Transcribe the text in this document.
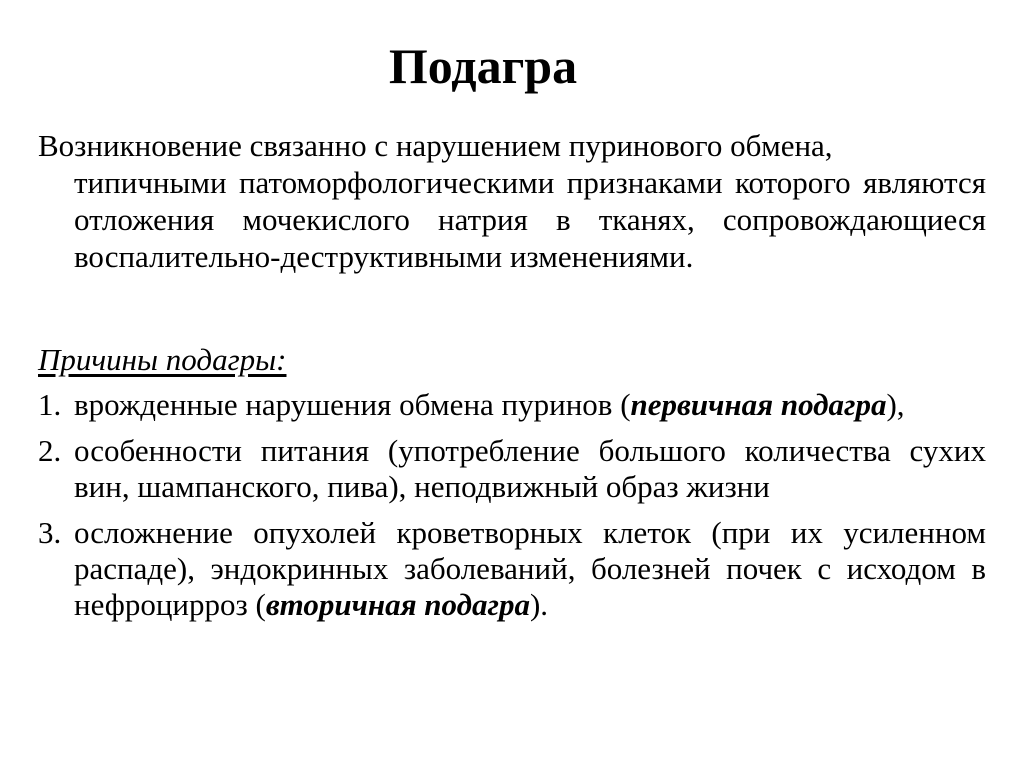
Подагра

Возникновение связанно с нарушением пуринового обмена,
типичными патоморфологическими признаками которого являются отложения мочекислого натрия в тканях, сопровождающиеся воспалительно-деструктивными изменениями.

Причины подагры:

1. врожденные нарушения обмена пуринов (первичная подагра),
2. особенности питания (употребление большого количества сухих вин, шампанского, пива), неподвижный образ жизни
3. осложнение опухолей кроветворных клеток (при их усиленном распаде), эндокринных заболеваний, болезней почек с исходом в нефроцирроз (вторичная подагра).
